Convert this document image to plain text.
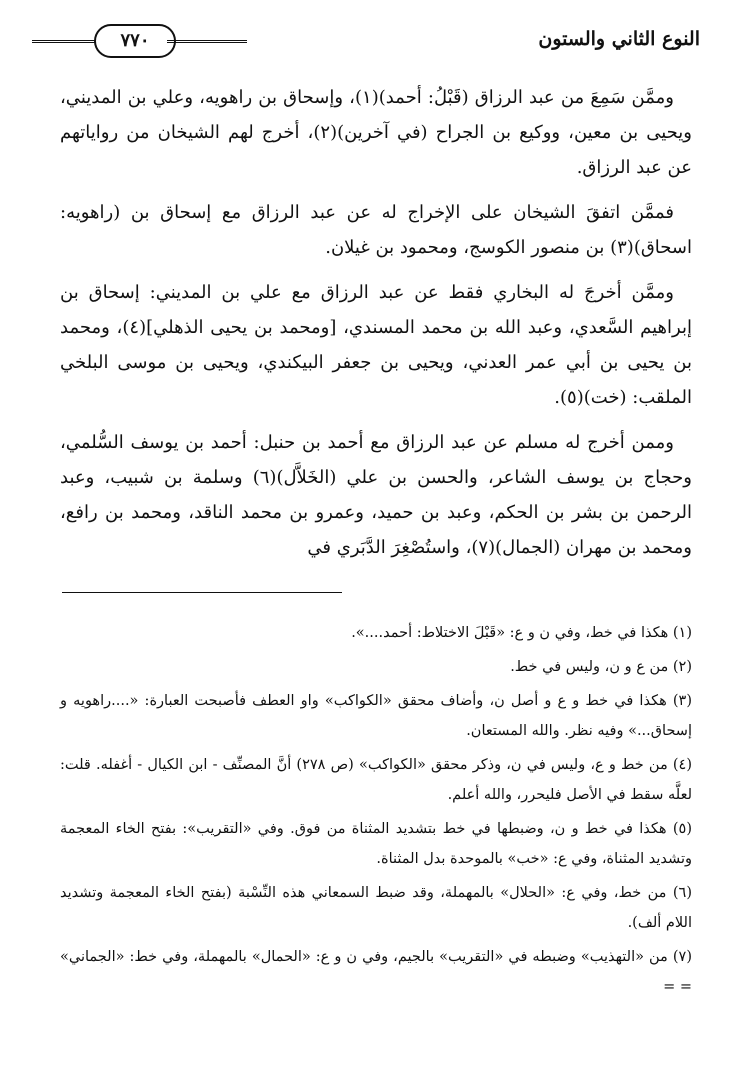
٧٧٠	النوع الثاني والستون

وممَّن سَمِعَ من عبد الرزاق (قَبْلُ: أحمد)(١)، وإسحاق بن راهويه، وعلي بن المديني، ويحيى بن معين، ووكيع بن الجراح (في آخرين)(٢)، أخرج لهم الشيخان من رواياتهم عن عبد الرزاق.

فممَّن اتفقَ الشيخان على الإخراج له عن عبد الرزاق مع إسحاق بن (راهويه: اسحاق)(٣) بن منصور الكوسج، ومحمود بن غيلان.

وممَّن أخرجَ له البخاري فقط عن عبد الرزاق مع علي بن المديني: إسحاق بن إبراهيم السَّعدي، وعبد الله بن محمد المسندي، [ومحمد بن يحيى الذهلي](٤)، ومحمد بن يحيى بن أبي عمر العدني، ويحيى بن جعفر البيكندي، ويحيى بن موسى البلخي الملقب: (خت)(٥).

وممن أخرج له مسلم عن عبد الرزاق مع أحمد بن حنبل: أحمد بن يوسف السُّلمي، وحجاج بن يوسف الشاعر، والحسن بن علي (الخَلاَّل)(٦) وسلمة بن شبيب، وعبد الرحمن بن بشر بن الحكم، وعبد بن حميد، وعمرو بن محمد الناقد، ومحمد بن رافع، ومحمد بن مهران (الجمال)(٧)، واستُصْغِرَ الدَّبَري في

(١) هكذا في خط، وفي ن و ع: «قَبْلَ الاختلاط: أحمد....».
(٢) من ع و ن، وليس في خط.
(٣) هكذا في خط و ع و أصل ن، وأضاف محقق «الكواكب» واو العطف فأصبحت العبارة: «....راهويه و إسحاق...» وفيه نظر. والله المستعان.
(٤) من خط و ع، وليس في ن، وذكر محقق «الكواكب» (ص ٢٧٨) أنَّ المصنِّف - ابن الكيال - أغفله. قلت: لعلَّه سقط في الأصل فليحرر، والله أعلم.
(٥) هكذا في خط و ن، وضبطها في خط بتشديد المثناة من فوق. وفي «التقريب»: بفتح الخاء المعجمة وتشديد المثناة، وفي ع: «خب» بالموحدة بدل المثناة.
(٦) من خط، وفي ع: «الحلال» بالمهملة، وقد ضبط السمعاني هذه النِّسْبة (بفتح الخاء المعجمة وتشديد اللام ألف).
(٧) من «التهذيب» وضبطه في «التقريب» بالجيم، وفي ن و ع: «الحمال» بالمهملة، وفي خط: «الجماني» = =
